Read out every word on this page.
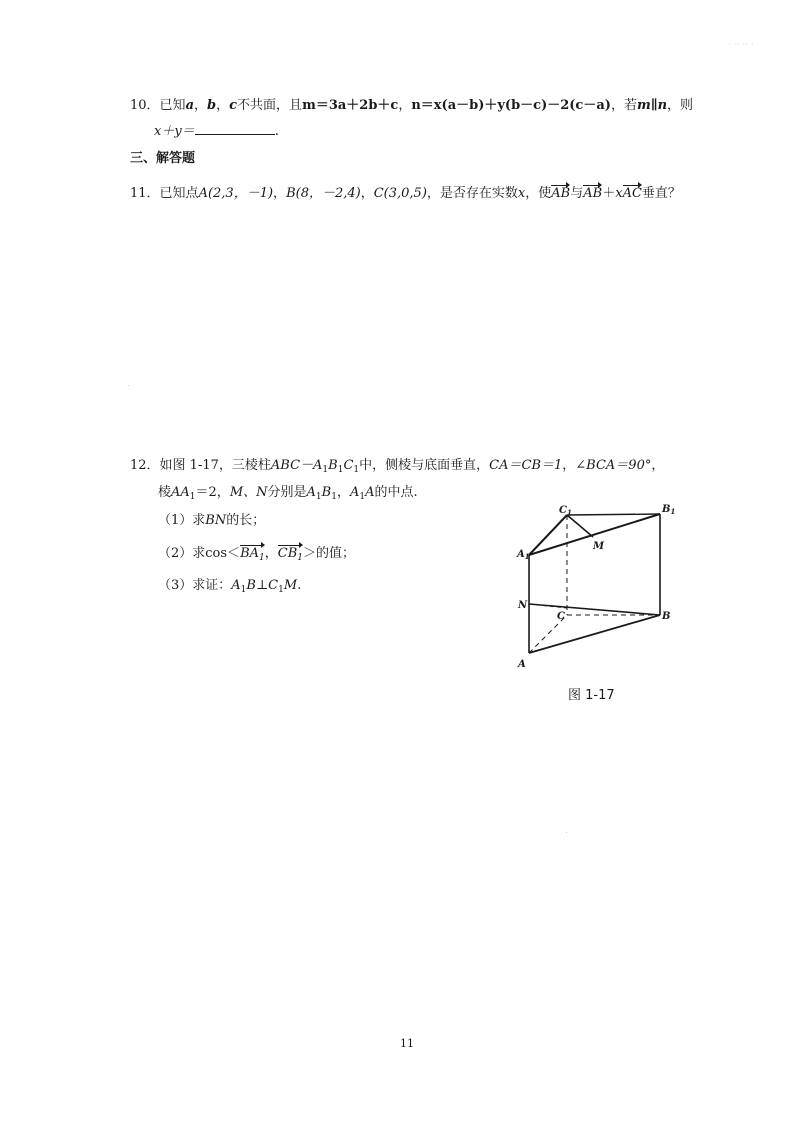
· ·· ·· ·
10．已知a，b，c不共面，且m＝3a＋2b＋c，n＝x(a－b)＋y(b－c)－2(c－a)，若m∥n，则
x＋y＝	.
三、解答题
11．已知点A(2,3，－1)，B(8，－2,4)，C(3,0,5)，是否存在实数x，使AB与AB＋xAC垂直？
12．如图 1-17，三棱柱$ABC-A_1B_1C_1$中，侧棱与底面垂直，CA＝CB＝1，∠BCA＝90°，
棱$AA_1=2$，M、N分别是$A_1B_1$，$A_1A$的中点.
（1）求BN的长；
（2）求$\cos<BA_1$，$CB_1>$的值；
（3）求证：$A_1B\perp C_1M$.
$C_1$	$B_1$
$A_1$
M
N
C	B
A
图 1-17
11
